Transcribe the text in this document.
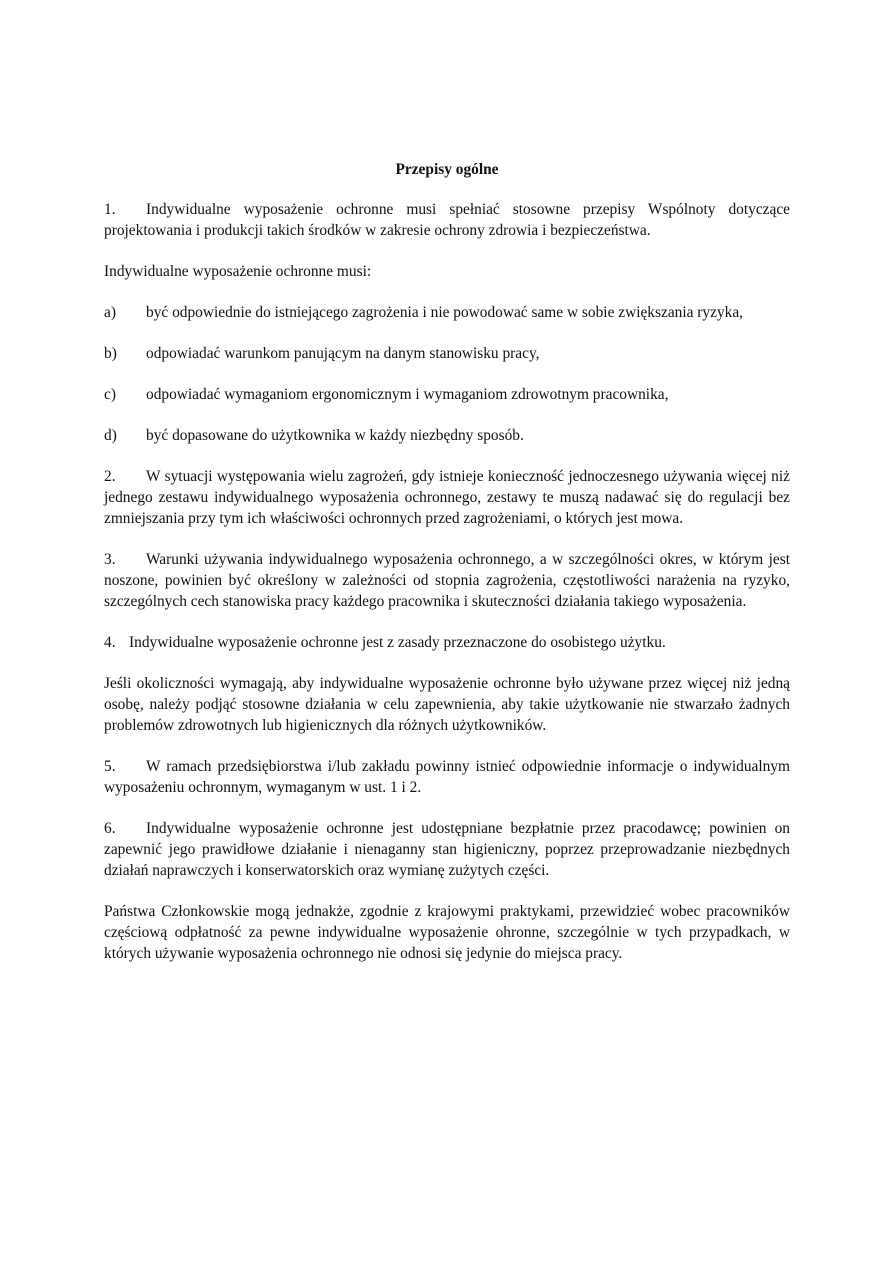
Przepisy ogólne

1. Indywidualne wyposażenie ochronne musi spełniać stosowne przepisy Wspólnoty dotyczące projektowania i produkcji takich środków w zakresie ochrony zdrowia i bezpieczeństwa.

Indywidualne wyposażenie ochronne musi:

a)	być odpowiednie do istniejącego zagrożenia i nie powodować same w sobie zwiększania ryzyka,
b)	odpowiadać warunkom panującym na danym stanowisku pracy,
c)	odpowiadać wymaganiom ergonomicznym i wymaganiom zdrowotnym pracownika,
d)	być dopasowane do użytkownika w każdy niezbędny sposób.

2. W sytuacji występowania wielu zagrożeń, gdy istnieje konieczność jednoczesnego używania więcej niż jednego zestawu indywidualnego wyposażenia ochronnego, zestawy te muszą nadawać się do regulacji bez zmniejszania przy tym ich właściwości ochronnych przed zagrożeniami, o których jest mowa.

3. Warunki używania indywidualnego wyposażenia ochronnego, a w szczególności okres, w którym jest noszone, powinien być określony w zależności od stopnia zagrożenia, częstotliwości narażenia na ryzyko, szczególnych cech stanowiska pracy każdego pracownika i skuteczności działania takiego wyposażenia.

4. Indywidualne wyposażenie ochronne jest z zasady przeznaczone do osobistego użytku.

Jeśli okoliczności wymagają, aby indywidualne wyposażenie ochronne było używane przez więcej niż jedną osobę, należy podjąć stosowne działania w celu zapewnienia, aby takie użytkowanie nie stwarzało żadnych problemów zdrowotnych lub higienicznych dla różnych użytkowników.

5. W ramach przedsiębiorstwa i/lub zakładu powinny istnieć odpowiednie informacje o indywidualnym wyposażeniu ochronnym, wymaganym w ust. 1 i 2.

6. Indywidualne wyposażenie ochronne jest udostępniane bezpłatnie przez pracodawcę; powinien on zapewnić jego prawidłowe działanie i nienaganny stan higieniczny, poprzez przeprowadzanie niezbędnych działań naprawczych i konserwatorskich oraz wymianę zużytych części.

Państwa Członkowskie mogą jednakże, zgodnie z krajowymi praktykami, przewidzieć wobec pracowników częściową odpłatność za pewne indywidualne wyposażenie ohronne, szczególnie w tych przypadkach, w których używanie wyposażenia ochronnego nie odnosi się jedynie do miejsca pracy.
